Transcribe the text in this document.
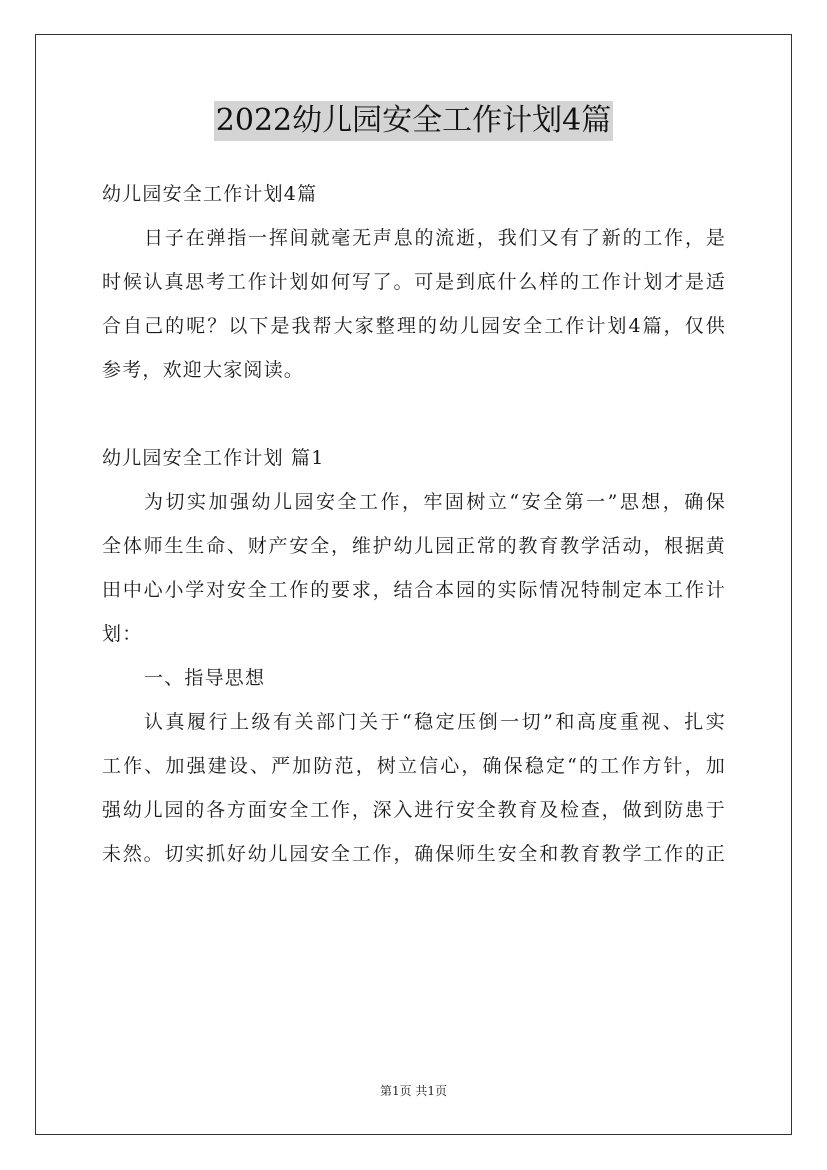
2022幼儿园安全工作计划4篇
幼儿园安全工作计划4篇
日子在弹指一挥间就毫无声息的流逝，我们又有了新的工作，是
时候认真思考工作计划如何写了。可是到底什么样的工作计划才是适
合自己的呢？以下是我帮大家整理的幼儿园安全工作计划4篇，仅供
参考，欢迎大家阅读。
幼儿园安全工作计划 篇1
为切实加强幼儿园安全工作，牢固树立“安全第一”思想，确保
全体师生生命、财产安全，维护幼儿园正常的教育教学活动，根据黄
田中心小学对安全工作的要求，结合本园的实际情况特制定本工作计
划：
一、指导思想
认真履行上级有关部门关于“稳定压倒一切”和高度重视、扎实
工作、加强建设、严加防范，树立信心，确保稳定“的工作方针，加
强幼儿园的各方面安全工作，深入进行安全教育及检查，做到防患于
未然。切实抓好幼儿园安全工作，确保师生安全和教育教学工作的正
第1页 共1页
